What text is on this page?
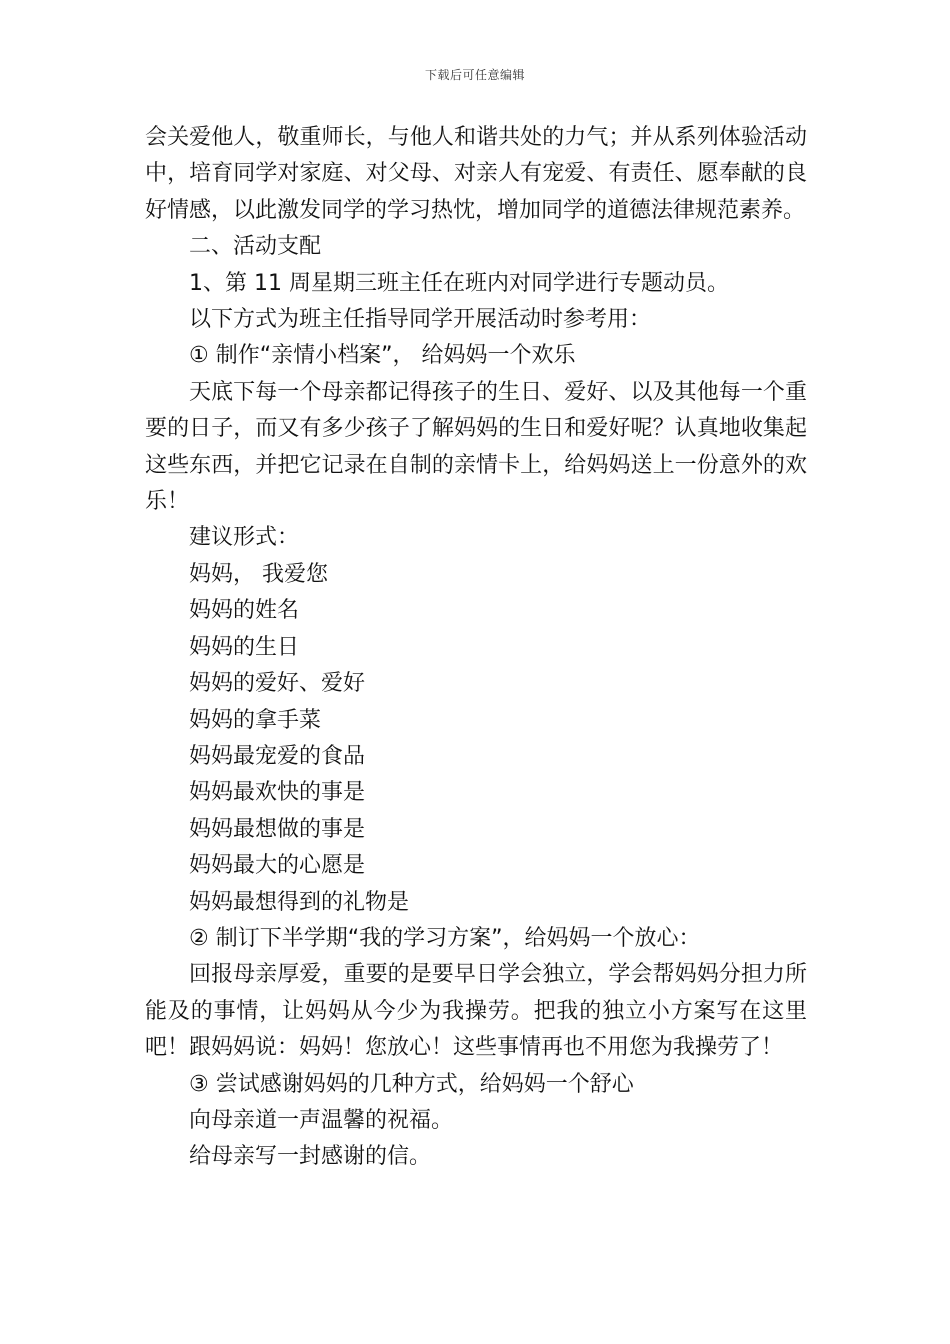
下载后可任意编辑

会关爱他人，敬重师长，与他人和谐共处的力气；并从系列体验活动中，培育同学对家庭、对父母、对亲人有宠爱、有责任、愿奉献的良好情感，以此激发同学的学习热忱，增加同学的道德法律规范素养。

二、活动支配

1、第 11 周星期三班主任在班内对同学进行专题动员。

以下方式为班主任指导同学开展活动时参考用：

① 制作“亲情小档案”， 给妈妈一个欢乐

天底下每一个母亲都记得孩子的生日、爱好、以及其他每一个重要的日子，而又有多少孩子了解妈妈的生日和爱好呢？认真地收集起这些东西，并把它记录在自制的亲情卡上，给妈妈送上一份意外的欢乐！

建议形式：

妈妈， 我爱您

妈妈的姓名

妈妈的生日

妈妈的爱好、爱好

妈妈的拿手菜

妈妈最宠爱的食品

妈妈最欢快的事是

妈妈最想做的事是

妈妈最大的心愿是

妈妈最想得到的礼物是

② 制订下半学期“我的学习方案”，给妈妈一个放心：

回报母亲厚爱，重要的是要早日学会独立，学会帮妈妈分担力所能及的事情，让妈妈从今少为我操劳。把我的独立小方案写在这里吧！跟妈妈说：妈妈！您放心！这些事情再也不用您为我操劳了！

③ 尝试感谢妈妈的几种方式，给妈妈一个舒心

向母亲道一声温馨的祝福。

给母亲写一封感谢的信。
